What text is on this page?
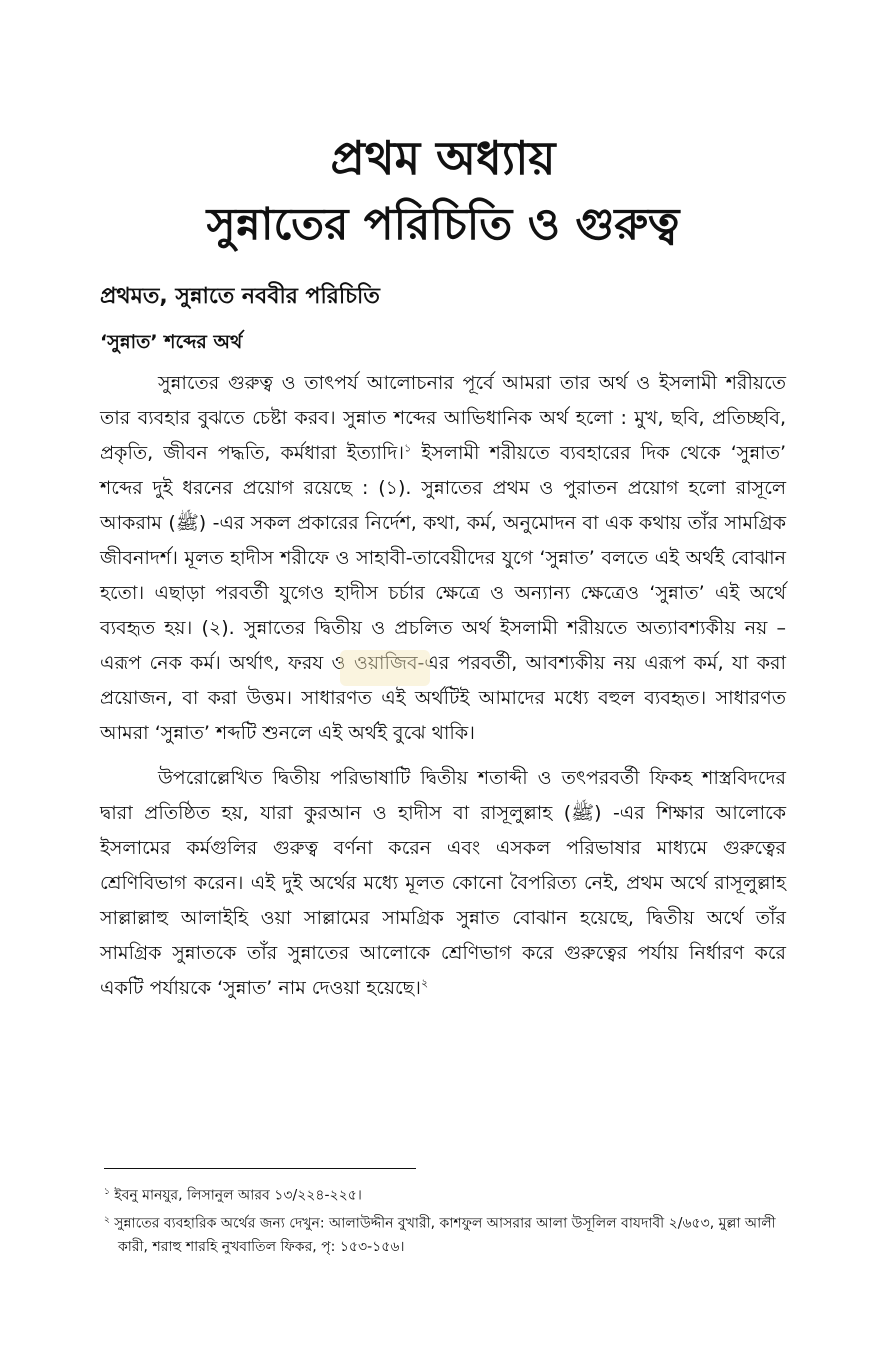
প্রথম অধ্যায়
সুন্নাতের পরিচিতি ও গুরুত্ব
প্রথমত, সুন্নাতে নববীর পরিচিতি
‘সুন্নাত’ শব্দের অর্থ

সুন্নাতের গুরুত্ব ও তাৎপর্য আলোচনার পূর্বে আমরা তার অর্থ ও ইসলামী শরীয়তে তার ব্যবহার বুঝতে চেষ্টা করব। সুন্নাত শব্দের আভিধানিক অর্থ হলো : মুখ, ছবি, প্রতিচ্ছবি, প্রকৃতি, জীবন পদ্ধতি, কর্মধারা ইত্যাদি।$^১$ ইসলামী শরীয়তে ব্যবহারের দিক থেকে ‘সুন্নাত’ শব্দের দুই ধরনের প্রয়োগ রয়েছে : (১). সুন্নাতের প্রথম ও পুরাতন প্রয়োগ হলো রাসূলে আকরাম (ﷺ) -এর সকল প্রকারের নির্দেশ, কথা, কর্ম, অনুমোদন বা এক কথায় তাঁর সামগ্রিক জীবনাদর্শ। মূলত হাদীস শরীফে ও সাহাবী-তাবেয়ীদের যুগে ‘সুন্নাত’ বলতে এই অর্থই বোঝান হতো। এছাড়া পরবর্তী যুগেও হাদীস চর্চার ক্ষেত্রে ও অন্যান্য ক্ষেত্রেও ‘সুন্নাত’ এই অর্থে ব্যবহৃত হয়। (২). সুন্নাতের দ্বিতীয় ও প্রচলিত অর্থ ইসলামী শরীয়তে অত্যাবশ্যকীয় নয় – এরূপ নেক কর্ম। অর্থাৎ, ফরয ও ওয়াজিব-এর পরবর্তী, আবশ্যকীয় নয় এরূপ কর্ম, যা করা প্রয়োজন, বা করা উত্তম। সাধারণত এই অর্থটিই আমাদের মধ্যে বহুল ব্যবহৃত। সাধারণত আমরা ‘সুন্নাত’ শব্দটি শুনলে এই অর্থই বুঝে থাকি।

উপরোল্লেখিত দ্বিতীয় পরিভাষাটি দ্বিতীয় শতাব্দী ও তৎপরবর্তী ফিকহ শাস্ত্রবিদদের দ্বারা প্রতিষ্ঠিত হয়, যারা কুরআন ও হাদীস বা রাসূলুল্লাহ (ﷺ) -এর শিক্ষার আলোকে ইসলামের কর্মগুলির গুরুত্ব বর্ণনা করেন এবং এসকল পরিভাষার মাধ্যমে গুরুত্বের শ্রেণিবিভাগ করেন। এই দুই অর্থের মধ্যে মূলত কোনো বৈপরিত্য নেই, প্রথম অর্থে রাসূলুল্লাহ সাল্লাল্লাহু আলাইহি ওয়া সাল্লামের সামগ্রিক সুন্নাত বোঝান হয়েছে, দ্বিতীয় অর্থে তাঁর সামগ্রিক সুন্নাতকে তাঁর সুন্নাতের আলোকে শ্রেণিভাগ করে গুরুত্বের পর্যায় নির্ধারণ করে একটি পর্যায়কে ‘সুন্নাত’ নাম দেওয়া হয়েছে।$^২$

$^১$ ইবনু মানযুর, লিসানুল আরব ১৩/২২৪-২২৫।

$^২$ সুন্নাতের ব্যবহারিক অর্থের জন্য দেখুন: আলাউদ্দীন বুখারী, কাশফুল আসরার আলা উসূলিল বাযদাবী ২/৬৫৩, মুল্লা আলী কারী, শরাহু শারহি নুখবাতিল ফিকর, পৃ: ১৫৩-১৫৬।
